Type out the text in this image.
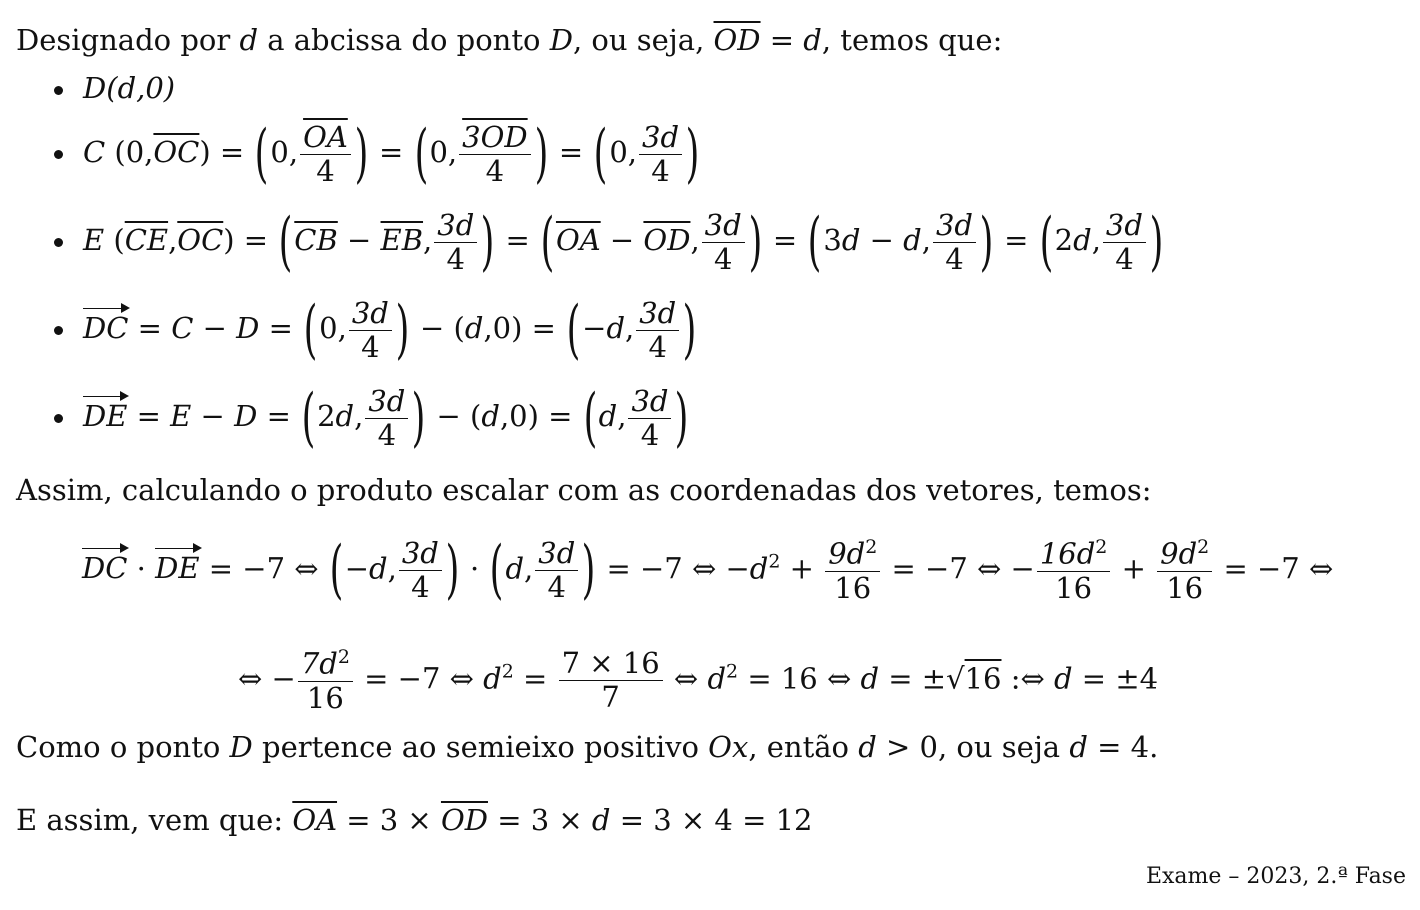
Designado por d a abcissa do ponto D, ou seja, $\overline{OD} = d$, temos que:
D(d,0)
C $(0,\overline{OC}) = (0$, $\frac{\overline{OA}}{4}$ ) = (0, $\frac{3OD}{4}$ ) = (0, $\frac{3d}{4}$ )
E $(\overline{CE},\overline{OC}) = (\overline{CB} - \overline{EB}$, $\frac{3d}{4}$ ) = ($\overline{OA} - \overline{OD}$, $\frac{3d}{4}$ ) = (3d − d, $\frac{3d}{4}$ ) = (2d, $\frac{3d}{4}$ )
DC = C − D = (0, $\frac{3d}{4}$ ) − (d,0) = (−d, $\frac{3d}{4}$ )
DE = E − D = (2d, $\frac{3d}{4}$ ) − (d,0) = (d, $\frac{3d}{4}$ )
Assim, calculando o produto escalar com as coordenadas dos vetores, temos:
DC · DE = −7 ⇔ (−d, $\frac{3d}{4}$ ) · (d, $\frac{3d}{4}$ ) = −7 ⇔ $-d^2 + \frac{9d^2}{16} = -7$ ⇔ − $\frac{16d^2}{16} + \frac{9d^2}{16} = -7$ ⇔
⇔ − $\frac{7d^2}{16} = -7$ ⇔ $d^2 = \frac{7 \times 16}{7}$ ⇔ $d^2 = 16$ ⇔ d = ±√16 :⇔ d = ±4
Como o ponto D pertence ao semieixo positivo Ox, então d > 0, ou seja d = 4.
E assim, vem que: $\overline{OA} = 3 \times \overline{OD} = 3 \times d = 3 \times 4 = 12$
Exame – 2023, 2.ª Fase
